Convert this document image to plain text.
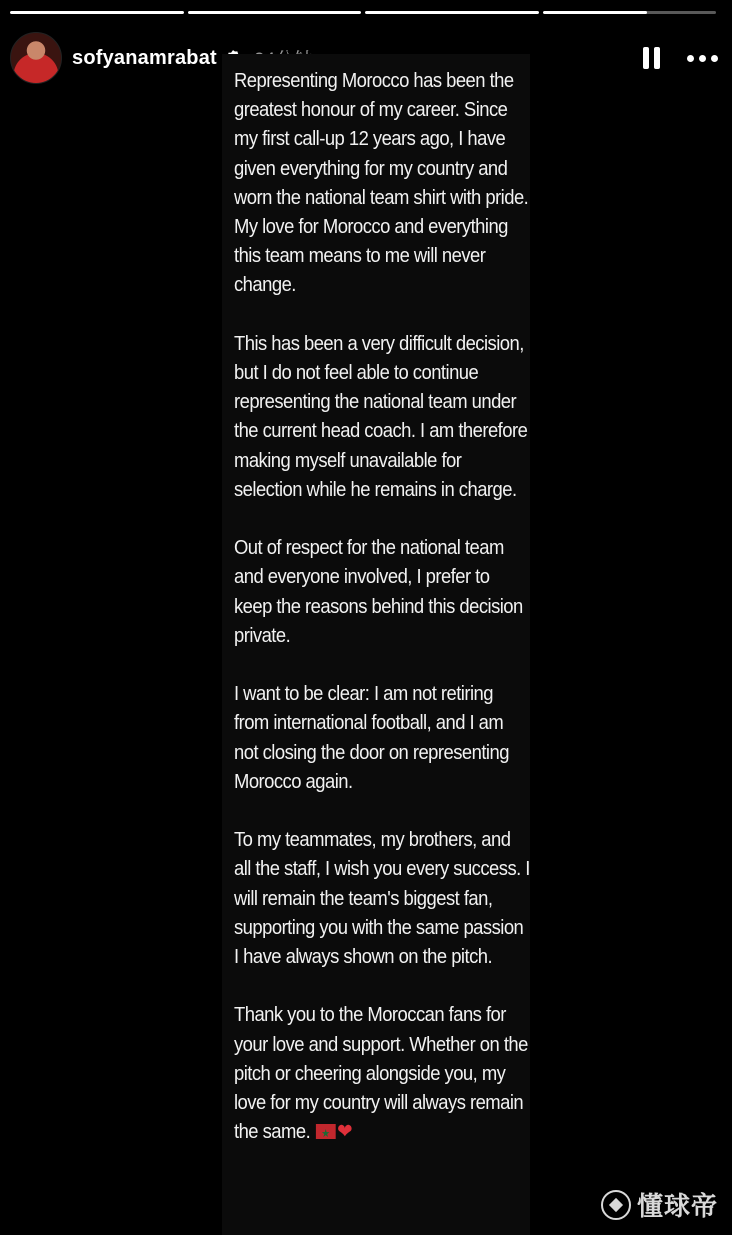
sofyanamrabat

Representing Morocco has been the greatest honour of my career. Since my first call-up 12 years ago, I have given everything for my country and worn the national team shirt with pride. My love for Morocco and everything this team means to me will never change.

This has been a very difficult decision, but I do not feel able to continue representing the national team under the current head coach. I am therefore making myself unavailable for selection while he remains in charge.

Out of respect for the national team and everyone involved, I prefer to keep the reasons behind this decision private.

I want to be clear: I am not retiring from international football, and I am not closing the door on representing Morocco again.

To my teammates, my brothers, and all the staff, I wish you every success. I will remain the team's biggest fan, supporting you with the same passion I have always shown on the pitch.

Thank you to the Moroccan fans for your love and support. Whether on the pitch or cheering alongside you, my love for my country will always remain the same.★ ❤

懂球帝
